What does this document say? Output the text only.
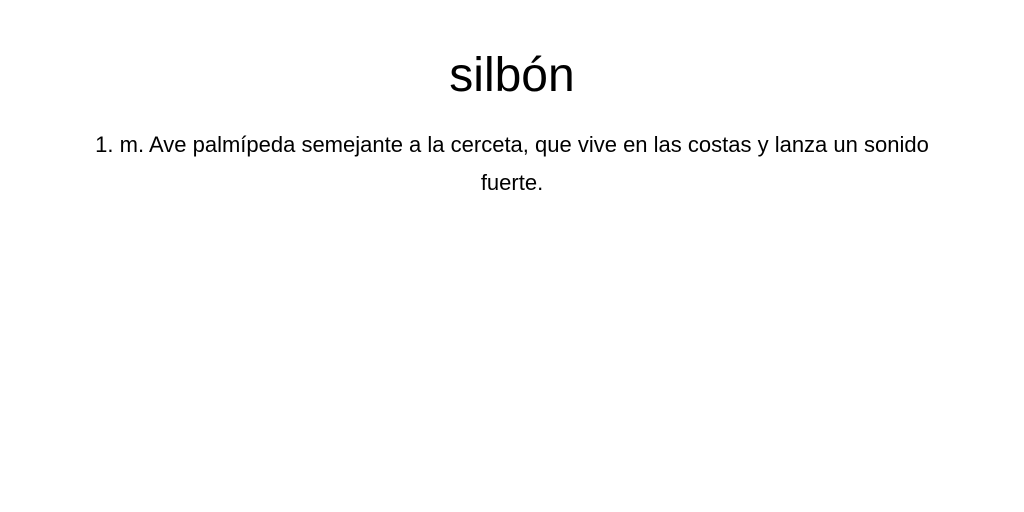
silbón

1. m. Ave palmípeda semejante a la cerceta, que vive en las costas y lanza un sonido fuerte.
